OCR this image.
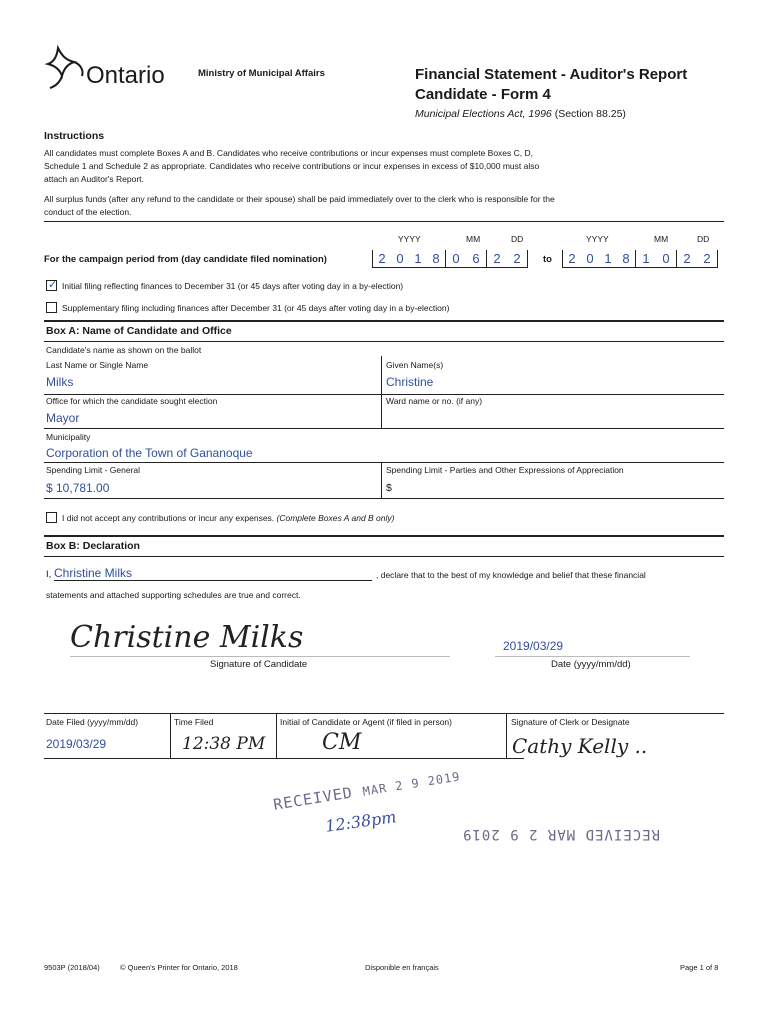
Ontario	Ministry of Municipal Affairs	Financial Statement - Auditor's Report
Candidate - Form 4
Municipal Elections Act, 1996 (Section 88.25)
Instructions
All candidates must complete Boxes A and B. Candidates who receive contributions or incur expenses must complete Boxes C, D,
Schedule 1 and Schedule 2 as appropriate. Candidates who receive contributions or incur expenses in excess of $10,000 must also
attach an Auditor's Report.
All surplus funds (after any refund to the candidate or their spouse) shall be paid immediately over to the clerk who is responsible for the
conduct of the election.
YYYY	MM	DD	YYYY	MM	DD
For the campaign period from (day candidate filed nomination)	2 0 1 8 0 6	2 2	to	2 0 1 8 1 0	2 2
✓ Initial filing reflecting finances to December 31 (or 45 days after voting day in a by-election)
Supplementary filing including finances after December 31 (or 45 days after voting day in a by-election)
Box A: Name of Candidate and Office
Candidate's name as shown on the ballot
Last Name or Single Name
Milks
Given Name(s)
Christine
Office for which the candidate sought election
Mayor
Ward name or no. (if any)
Municipality
Corporation of the Town of Gananoque
Spending Limit - General
$ 10,781.00
Spending Limit - Parties and Other Expressions of Appreciation
$
I did not accept any contributions or incur any expenses. (Complete Boxes A and B only)
Box B: Declaration
I, Christine Milks	, declare that to the best of my knowledge and belief that these financial
statements and attached supporting schedules are true and correct.
Christine Milks
Signature of Candidate
2019/03/29
Date (yyyy/mm/dd)
Date Filed (yyyy/mm/dd)
2019/03/29
Time Filed
12:38 PM
Initial of Candidate or Agent (if filed in person)
CM
Signature of Clerk or Designate
Cathy Kelly ..
RECEIVED MAR 2 9 2019
12:38pm	RECEIVED MAR 2 9 2019
9503P (2018/04)	© Queen's Printer for Ontario, 2018	Disponible en français	Page 1 of 8
